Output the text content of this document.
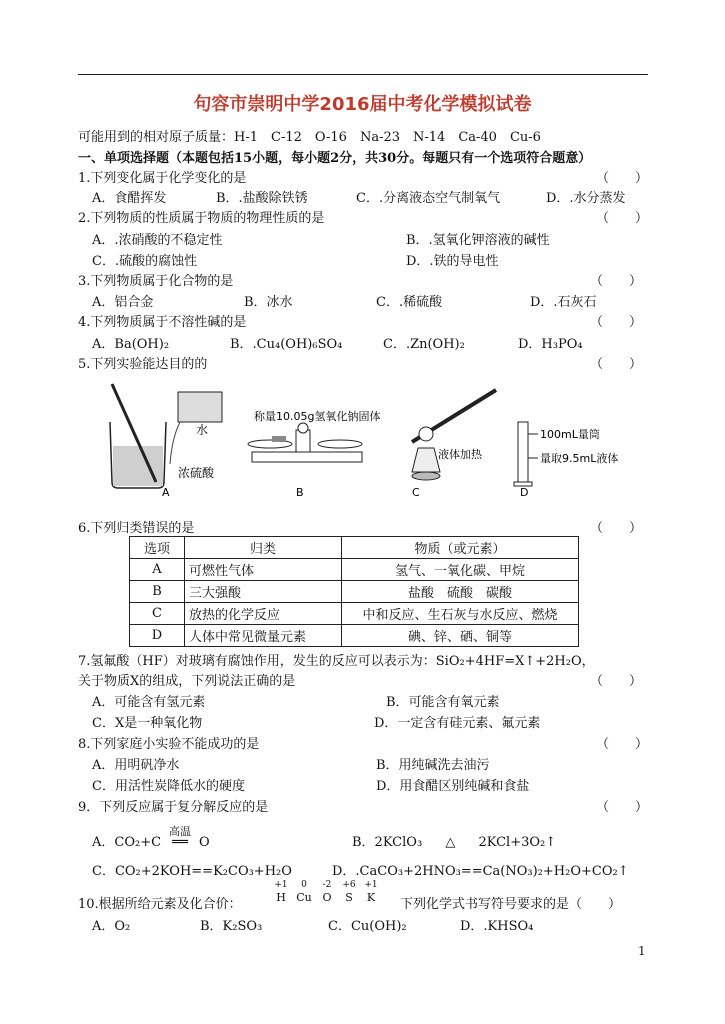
句容市崇明中学2016届中考化学模拟试卷
可能用到的相对原子质量：H-1　C-12　O-16　Na-23　N-14　Ca-40　Cu-6
一、单项选择题（本题包括15小题，每小题2分，共30分。每题只有一个选项符合题意）
1.下列变化属于化学变化的是	（　　）
A．食醋挥发	B．.盐酸除铁锈	C．.分离液态空气制氧气	D．.水分蒸发
2.下列物质的性质属于物质的物理性质的是	（　　）
A．.浓硝酸的不稳定性	B．.氢氧化钾溶液的碱性
C．.硫酸的腐蚀性	D．.铁的导电性
3.下列物质属于化合物的是	（　　）
A．铝合金	B．冰水	C．.稀硫酸	D．.石灰石
4.下列物质属于不溶性碱的是	（　　）
A．Ba(OH)₂	B．.Cu₄(OH)₆SO₄	C．.Zn(OH)₂	D．H₃PO₄
5.下列实验能达目的的	（　　）
水
浓硫酸
A
称量10.05g氢氧化钠固体
B
液体加热
C
100mL量筒
量取9.5mL液体
D
6.下列归类错误的是	（　　）
选项	归类	物质（或元素）
A	可燃性气体	氢气、一氧化碳、甲烷
B	三大强酸	盐酸　硫酸　碳酸
C	放热的化学反应	中和反应、生石灰与水反应、燃烧
D	人体中常见微量元素	碘、锌、硒、铜等
7.氢氟酸（HF）对玻璃有腐蚀作用，发生的反应可以表示为：SiO₂+4HF=X↑+2H₂O，
关于物质X的组成，下列说法正确的是	（　　）
A．可能含有氢元素	B．可能含有氧元素
C．X是一种氧化物	D．一定含有硅元素、氟元素
8.下列家庭小实验不能成功的是	（　　）
A．用明矾净水	B．用纯碱洗去油污
C．用活性炭降低水的硬度	D．用食醋区别纯碱和食盐
9．下列反应属于复分解反应的是	（　　）
A．CO₂+C
高温
══ O	B．2KClO₃ △ 2KCl+3O₂↑
C．CO₂+2KOH==K₂CO₃+H₂O	D．.CaCO₃+2HNO₃==Ca(NO₃)₂+H₂O+CO₂↑
10.根据所给元素及化合价：
+1
H
0
Cu
-2
O
+6
S
+1
K	下列化学式书写符号要求的是（　　）
A．O₂	B．K₂SO₃	C．Cu(OH)₂	D．.KHSO₄
1
